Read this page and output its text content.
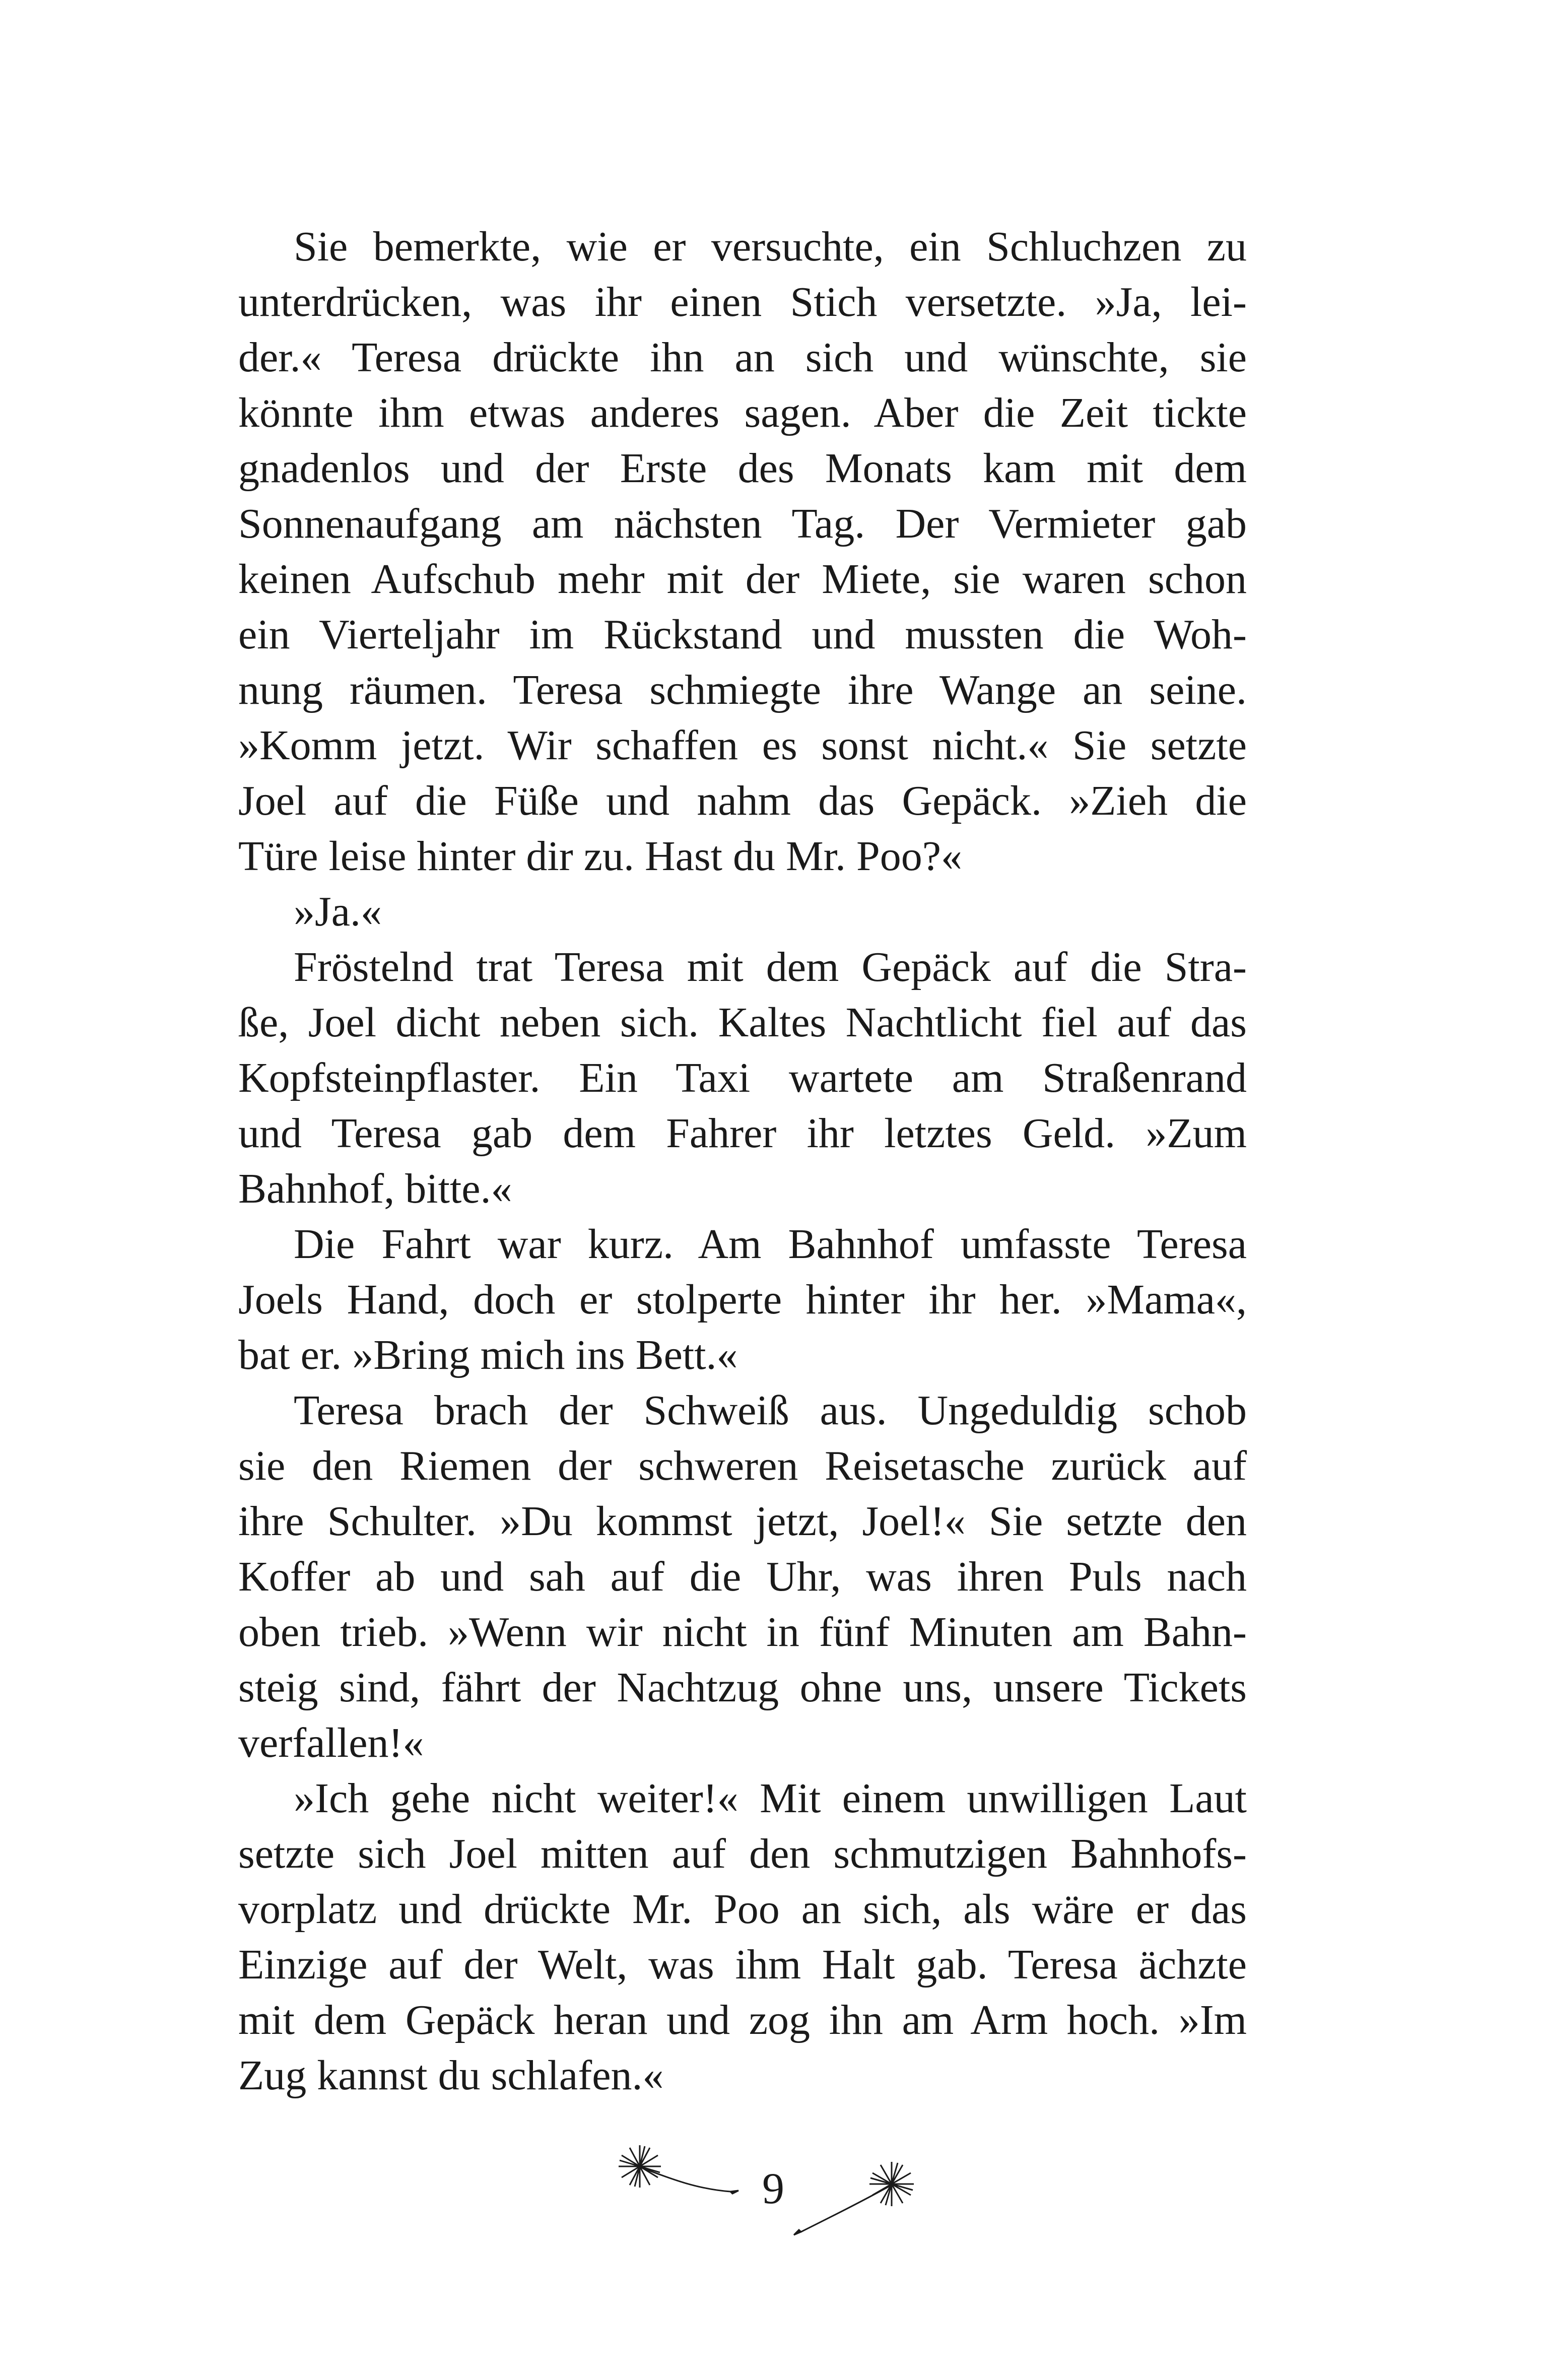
Sie bemerkte, wie er versuchte, ein Schluchzen zu
unterdrücken, was ihr einen Stich versetzte. »Ja, lei-
der.« Teresa drückte ihn an sich und wünschte, sie
könnte ihm etwas anderes sagen. Aber die Zeit tickte
gnadenlos und der Erste des Monats kam mit dem
Sonnenaufgang am nächsten Tag. Der Vermieter gab
keinen Aufschub mehr mit der Miete, sie waren schon
ein Vierteljahr im Rückstand und mussten die Woh-
nung räumen. Teresa schmiegte ihre Wange an seine.
»Komm jetzt. Wir schaffen es sonst nicht.« Sie setzte
Joel auf die Füße und nahm das Gepäck. »Zieh die
Türe leise hinter dir zu. Hast du Mr. Poo?«
»Ja.«
Fröstelnd trat Teresa mit dem Gepäck auf die Stra-
ße, Joel dicht neben sich. Kaltes Nachtlicht fiel auf das
Kopfsteinpflaster. Ein Taxi wartete am Straßenrand
und Teresa gab dem Fahrer ihr letztes Geld. »Zum
Bahnhof, bitte.«
Die Fahrt war kurz. Am Bahnhof umfasste Teresa
Joels Hand, doch er stolperte hinter ihr her. »Mama«,
bat er. »Bring mich ins Bett.«
Teresa brach der Schweiß aus. Ungeduldig schob
sie den Riemen der schweren Reisetasche zurück auf
ihre Schulter. »Du kommst jetzt, Joel!« Sie setzte den
Koffer ab und sah auf die Uhr, was ihren Puls nach
oben trieb. »Wenn wir nicht in fünf Minuten am Bahn-
steig sind, fährt der Nachtzug ohne uns, unsere Tickets
verfallen!«
»Ich gehe nicht weiter!« Mit einem unwilligen Laut
setzte sich Joel mitten auf den schmutzigen Bahnhofs-
vorplatz und drückte Mr. Poo an sich, als wäre er das
Einzige auf der Welt, was ihm Halt gab. Teresa ächzte
mit dem Gepäck heran und zog ihn am Arm hoch. »Im
Zug kannst du schlafen.«
9
